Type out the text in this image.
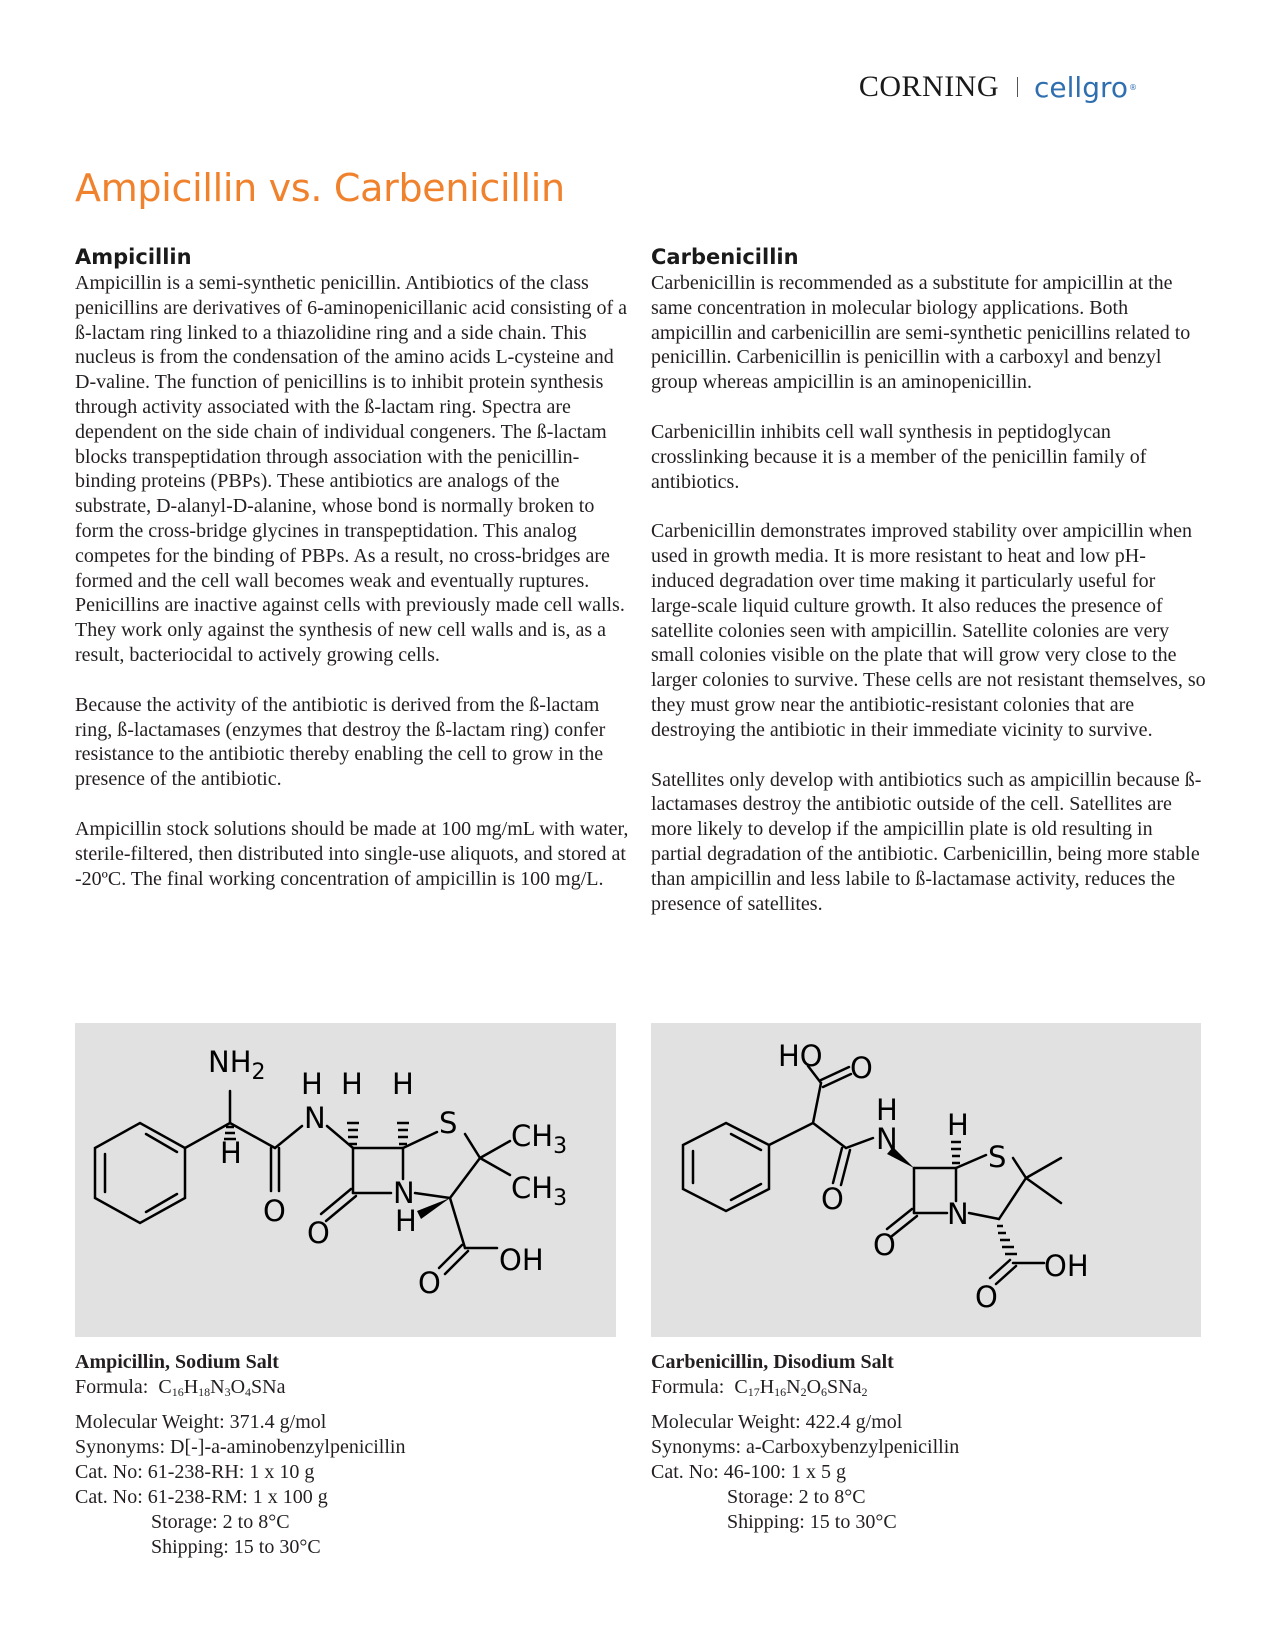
CORNING cellgro ®
Ampicillin vs. Carbenicillin
Ampicillin

Ampicillin is a semi-synthetic penicillin. Antibiotics of the class penicillins are derivatives of 6-aminopenicillanic acid consisting of a ß-lactam ring linked to a thiazolidine ring and a side chain. This nucleus is from the condensation of the amino acids L-cysteine and D-valine. The function of penicillins is to inhibit protein synthesis through activity associated with the ß-lactam ring. Spectra are dependent on the side chain of individual congeners. The ß-lactam blocks transpeptidation through association with the penicillin-binding proteins (PBPs). These antibiotics are analogs of the substrate, D-alanyl-D-alanine, whose bond is normally broken to form the cross-bridge glycines in transpeptidation. This analog competes for the binding of PBPs. As a result, no cross-bridges are formed and the cell wall becomes weak and eventually ruptures. Penicillins are inactive against cells with previously made cell walls. They work only against the synthesis of new cell walls and is, as a result, bacteriocidal to actively growing cells.

Because the activity of the antibiotic is derived from the ß-lactam ring, ß-lactamases (enzymes that destroy the ß-lactam ring) confer resistance to the antibiotic thereby enabling the cell to grow in the presence of the antibiotic.

Ampicillin stock solutions should be made at 100 mg/mL with water, sterile-filtered, then distributed into single-use aliquots, and stored at -20ºC. The final working concentration of ampicillin is 100 mg/L.

Carbenicillin

Carbenicillin is recommended as a substitute for ampicillin at the same concentration in molecular biology applications. Both ampicillin and carbenicillin are semi-synthetic penicillins related to penicillin. Carbenicillin is penicillin with a carboxyl and benzyl group whereas ampicillin is an aminopenicillin.

Carbenicillin inhibits cell wall synthesis in peptidoglycan crosslinking because it is a member of the penicillin family of antibiotics.

Carbenicillin demonstrates improved stability over ampicillin when used in growth media. It is more resistant to heat and low pH- induced degradation over time making it particularly useful for large-scale liquid culture growth. It also reduces the presence of satellite colonies seen with ampicillin. Satellite colonies are very small colonies visible on the plate that will grow very close to the larger colonies to survive. These cells are not resistant themselves, so they must grow near the antibiotic-resistant colonies that are destroying the antibiotic in their immediate vicinity to survive.

Satellites only develop with antibiotics such as ampicillin because ß-lactamases destroy the antibiotic outside of the cell. Satellites are more likely to develop if the ampicillin plate is old resulting in partial degradation of the antibiotic. Carbenicillin, being more stable than ampicillin and less labile to ß-lactamase activity, reduces the presence of satellites.

$NH_2$
H
O
H
N
H H
S
N
O H
$CH_3$
$CH_3$
OH
O
HO O
H
N
O
H
S
N
O
OH
O
Ampicillin, Sodium Salt
Formula: $C_{16}H_{18}N_3O_4SNa$
Molecular Weight: 371.4 g/mol
Synonyms: D[-]-a-aminobenzylpenicillin
Cat. No: 61-238-RH: 1 x 10 g
Cat. No: 61-238-RM: 1 x 100 g
Storage: 2 to 8°C
Shipping: 15 to 30°C
Carbenicillin, Disodium Salt
Formula: $C_{17}H_{16}N_2O_6SNa_2$
Molecular Weight: 422.4 g/mol
Synonyms: a-Carboxybenzylpenicillin
Cat. No: 46-100: 1 x 5 g
Storage: 2 to 8°C
Shipping: 15 to 30°C
